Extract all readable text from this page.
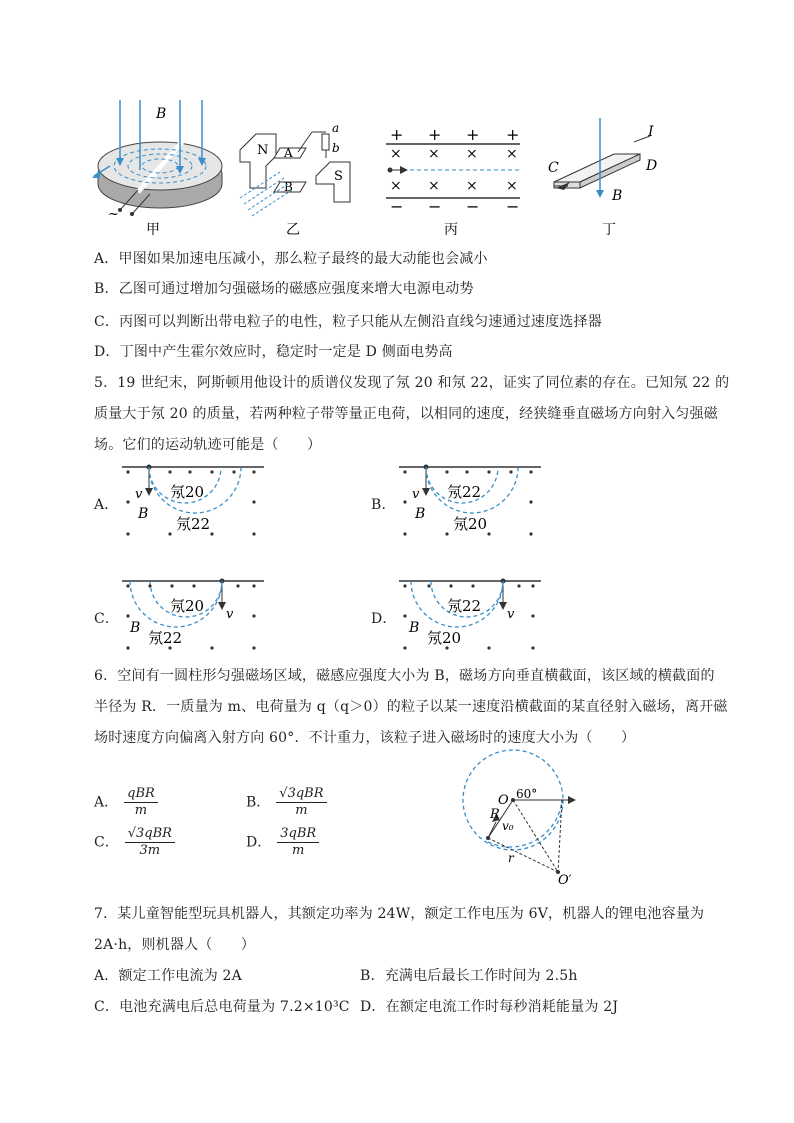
B
~
甲
N A
B
S
a
b
乙
+ + + +
× × × ×
× × × ×
− − − −
丙
I
C	D
B
丁
A．甲图如果加速电压减小，那么粒子最终的最大动能也会减小
B．乙图可通过增加匀强磁场的磁感应强度来增大电源电动势
C．丙图可以判断出带电粒子的电性，粒子只能从左侧沿直线匀速通过速度选择器
D．丁图中产生霍尔效应时，稳定时一定是 D 侧面电势高
5．19 世纪末，阿斯顿用他设计的质谱仪发现了氖 20 和氖 22，证实了同位素的存在。已知氖 22 的
质量大于氖 20 的质量，若两种粒子带等量正电荷，以相同的速度，经狭缝垂直磁场方向射入匀强磁
场。它们的运动轨迹可能是（　　）
A．
v
B
氖20
氖22
B．
v
B
氖22
氖20
C．	v
B
氖20
氖22
D．	v
B
氖22
氖20
6．空间有一圆柱形匀强磁场区域，磁感应强度大小为 B，磁场方向垂直横截面，该区域的横截面的
半径为 R．一质量为 m、电荷量为 q（q＞0）的粒子以某一速度沿横截面的某直径射入磁场，离开磁
场时速度方向偏离入射方向 60°．不计重力，该粒子进入磁场时的速度大小为（　　）
A． $\frac{\text{qBR}}{m}$	B． $\frac{\text{√3qBR}}{m}$
C． $\frac{\text{√3qBR}}{3m}$	D． $\frac{\text{3qBR}}{m}$
O 60°
R
v₀
r
O′
7．某儿童智能型玩具机器人，其额定功率为 24W，额定工作电压为 6V，机器人的锂电池容量为
2A·h，则机器人（　　）
A．额定工作电流为 2A	B．充满电后最长工作时间为 2.5h
C．电池充满电后总电荷量为 7.2×10³C D．在额定电流工作时每秒消耗能量为 2J
